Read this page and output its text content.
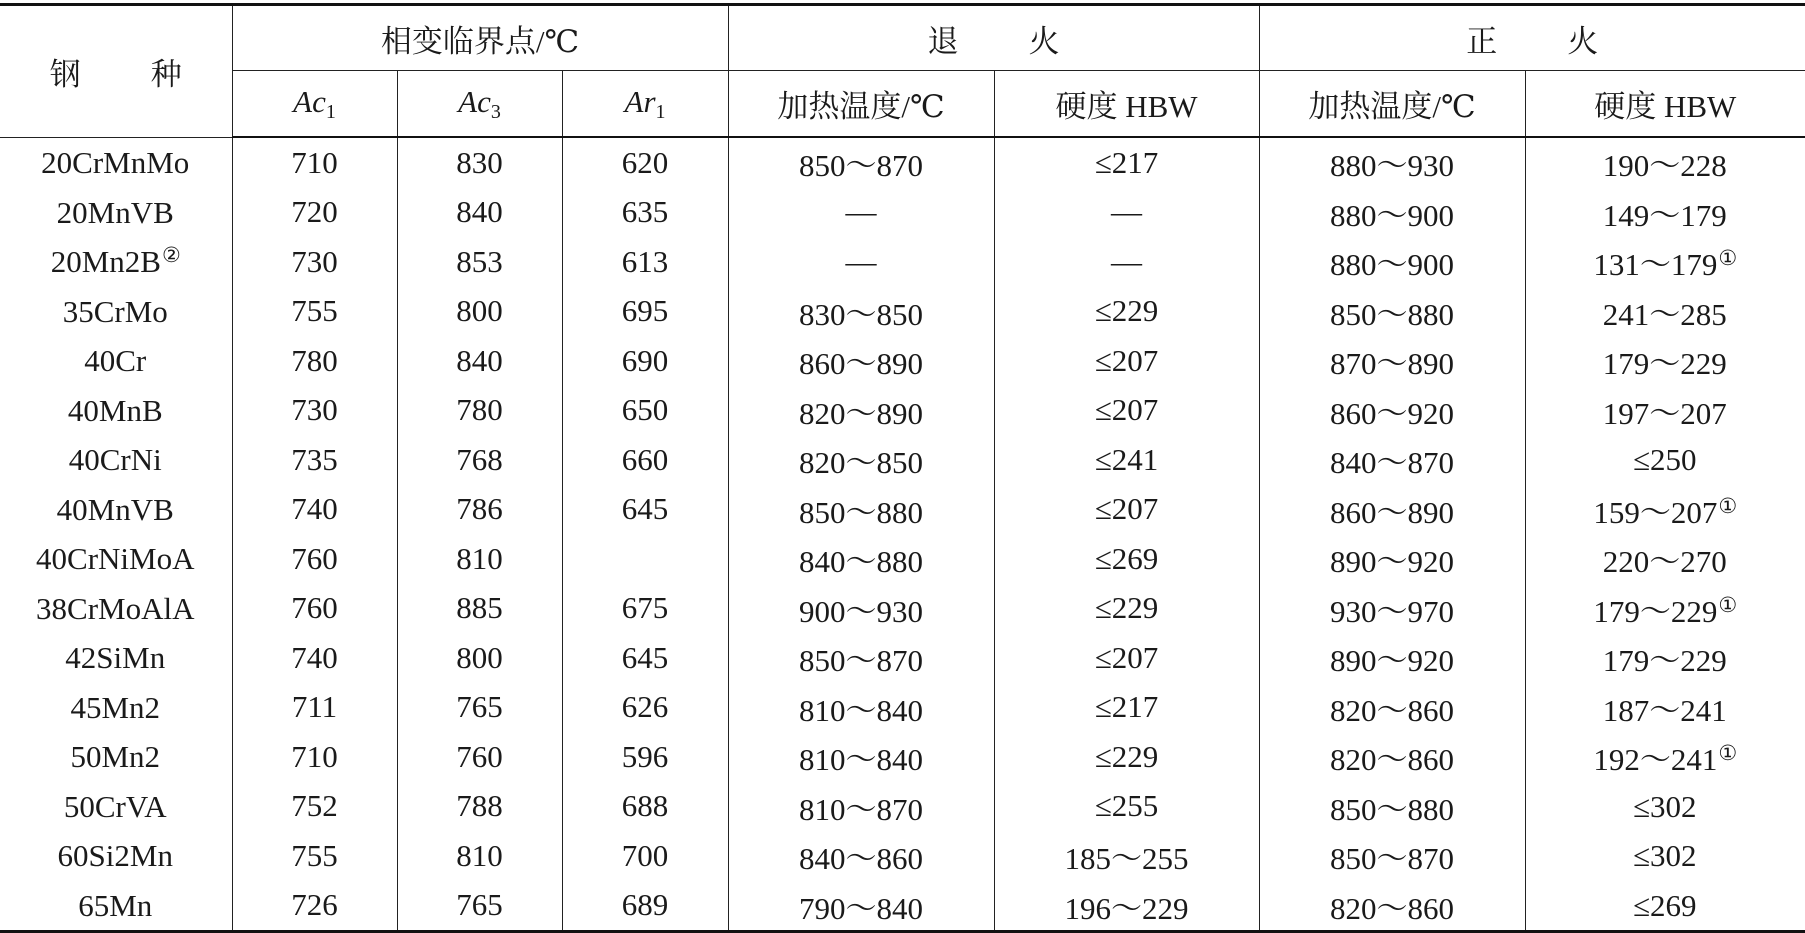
钢 种	相变临界点/℃			退 火		正 火	
	$Ac_1$	$Ac_3$	$Ar_1$	加热温度/℃	硬度 HBW	加热温度/℃	硬度 HBW
20CrMnMo	710	830	620	850～870	≤217	880～930	190～228
20MnVB	720	840	635	—	—	880～900	149～179
20Mn2B②	730	853	613	—	—	880～900	131～179①
35CrMo	755	800	695	830～850	≤229	850～880	241～285
40Cr	780	840	690	860～890	≤207	870～890	179～229
40MnB	730	780	650	820～890	≤207	860～920	197～207
40CrNi	735	768	660	820～850	≤241	840～870	≤250
40MnVB	740	786	645	850～880	≤207	860～890	159～207①
40CrNiMoA	760	810		840～880	≤269	890～920	220～270
38CrMoAlA	760	885	675	900～930	≤229	930～970	179～229①
42SiMn	740	800	645	850～870	≤207	890～920	179～229
45Mn2	711	765	626	810～840	≤217	820～860	187～241
50Mn2	710	760	596	810～840	≤229	820～860	192～241①
50CrVA	752	788	688	810～870	≤255	850～880	≤302
60Si2Mn	755	810	700	840～860	185～255	850～870	≤302
65Mn	726	765	689	790～840	196～229	820～860	≤269
